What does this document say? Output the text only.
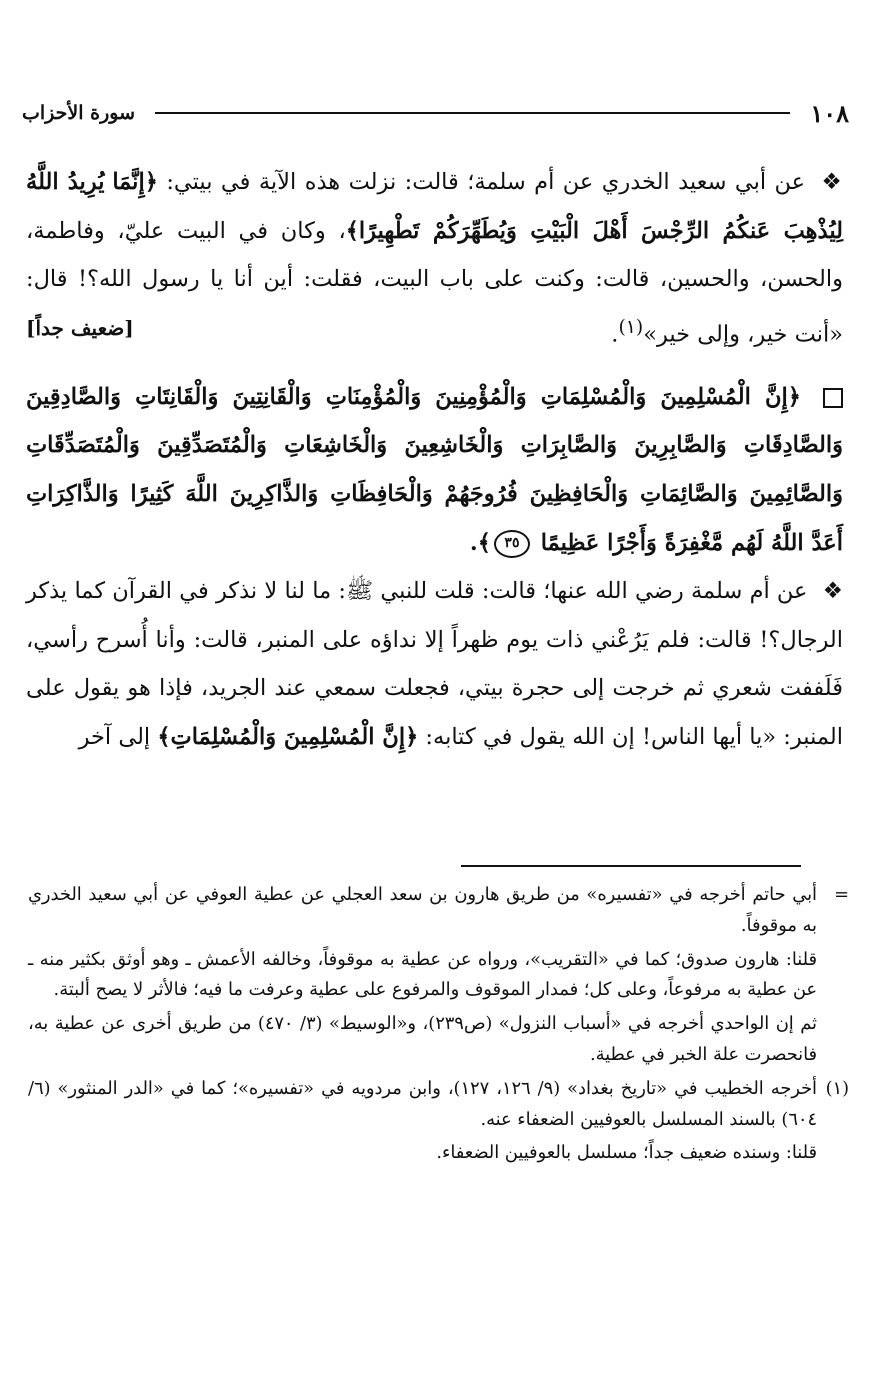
١٠٨
سورة الأحزاب

❖ عن أبي سعيد الخدري عن أم سلمة؛ قالت: نزلت هذه الآية في بيتي: ﴿إِنَّمَا يُرِيدُ اللَّهُ لِيُذْهِبَ عَنكُمُ الرِّجْسَ أَهْلَ الْبَيْتِ وَيُطَهِّرَكُمْ تَطْهِيرًا﴾، وكان في البيت عليّ، وفاطمة، والحسن، والحسين، قالت: وكنت على باب البيت، فقلت: أين أنا يا رسول الله؟! قال: «أنت خير، وإلى خير»$^{(١)}$.
[ضعيف جداً]

﴿إِنَّ الْمُسْلِمِينَ وَالْمُسْلِمَاتِ وَالْمُؤْمِنِينَ وَالْمُؤْمِنَاتِ وَالْقَانِتِينَ وَالْقَانِتَاتِ وَالصَّادِقِينَ وَالصَّادِقَاتِ وَالصَّابِرِينَ وَالصَّابِرَاتِ وَالْخَاشِعِينَ وَالْخَاشِعَاتِ وَالْمُتَصَدِّقِينَ وَالْمُتَصَدِّقَاتِ وَالصَّائِمِينَ وَالصَّائِمَاتِ وَالْحَافِظِينَ فُرُوجَهُمْ وَالْحَافِظَاتِ وَالذَّاكِرِينَ اللَّهَ كَثِيرًا وَالذَّاكِرَاتِ أَعَدَّ اللَّهُ لَهُم مَّغْفِرَةً وَأَجْرًا عَظِيمًا ٣٥﴾.

❖ عن أم سلمة رضي الله عنها؛ قالت: قلت للنبي ﷺ: ما لنا لا نذكر في القرآن كما يذكر الرجال؟! قالت: فلم يَرُعْني ذات يوم ظهراً إلا نداؤه على المنبر، قالت: وأنا أُسرح رأسي، فَلَففت شعري ثم خرجت إلى حجرة بيتي، فجعلت سمعي عند الجريد، فإذا هو يقول على المنبر: «يا أيها الناس! إن الله يقول في كتابه: ﴿إِنَّ الْمُسْلِمِينَ وَالْمُسْلِمَاتِ﴾ إلى آخر

=
أبي حاتم أخرجه في «تفسيره» من طريق هارون بن سعد العجلي عن عطية العوفي عن أبي سعيد الخدري به موقوفاً.
قلنا: هارون صدوق؛ كما في «التقريب»، ورواه عن عطية به موقوفاً، وخالفه الأعمش ـ وهو أوثق بكثير منه ـ عن عطية به مرفوعاً، وعلى كل؛ فمدار الموقوف والمرفوع على عطية وعرفت ما فيه؛ فالأثر لا يصح ألبتة.
ثم إن الواحدي أخرجه في «أسباب النزول» (ص٢٣٩)، و«الوسيط» (٣/ ٤٧٠) من طريق أخرى عن عطية به، فانحصرت علة الخبر في عطية.
(١)
أخرجه الخطيب في «تاريخ بغداد» (٩/ ١٢٦، ١٢٧)، وابن مردويه في «تفسيره»؛ كما في «الدر المنثور» (٦/ ٦٠٤) بالسند المسلسل بالعوفيين الضعفاء عنه.
قلنا: وسنده ضعيف جداً؛ مسلسل بالعوفيين الضعفاء.
